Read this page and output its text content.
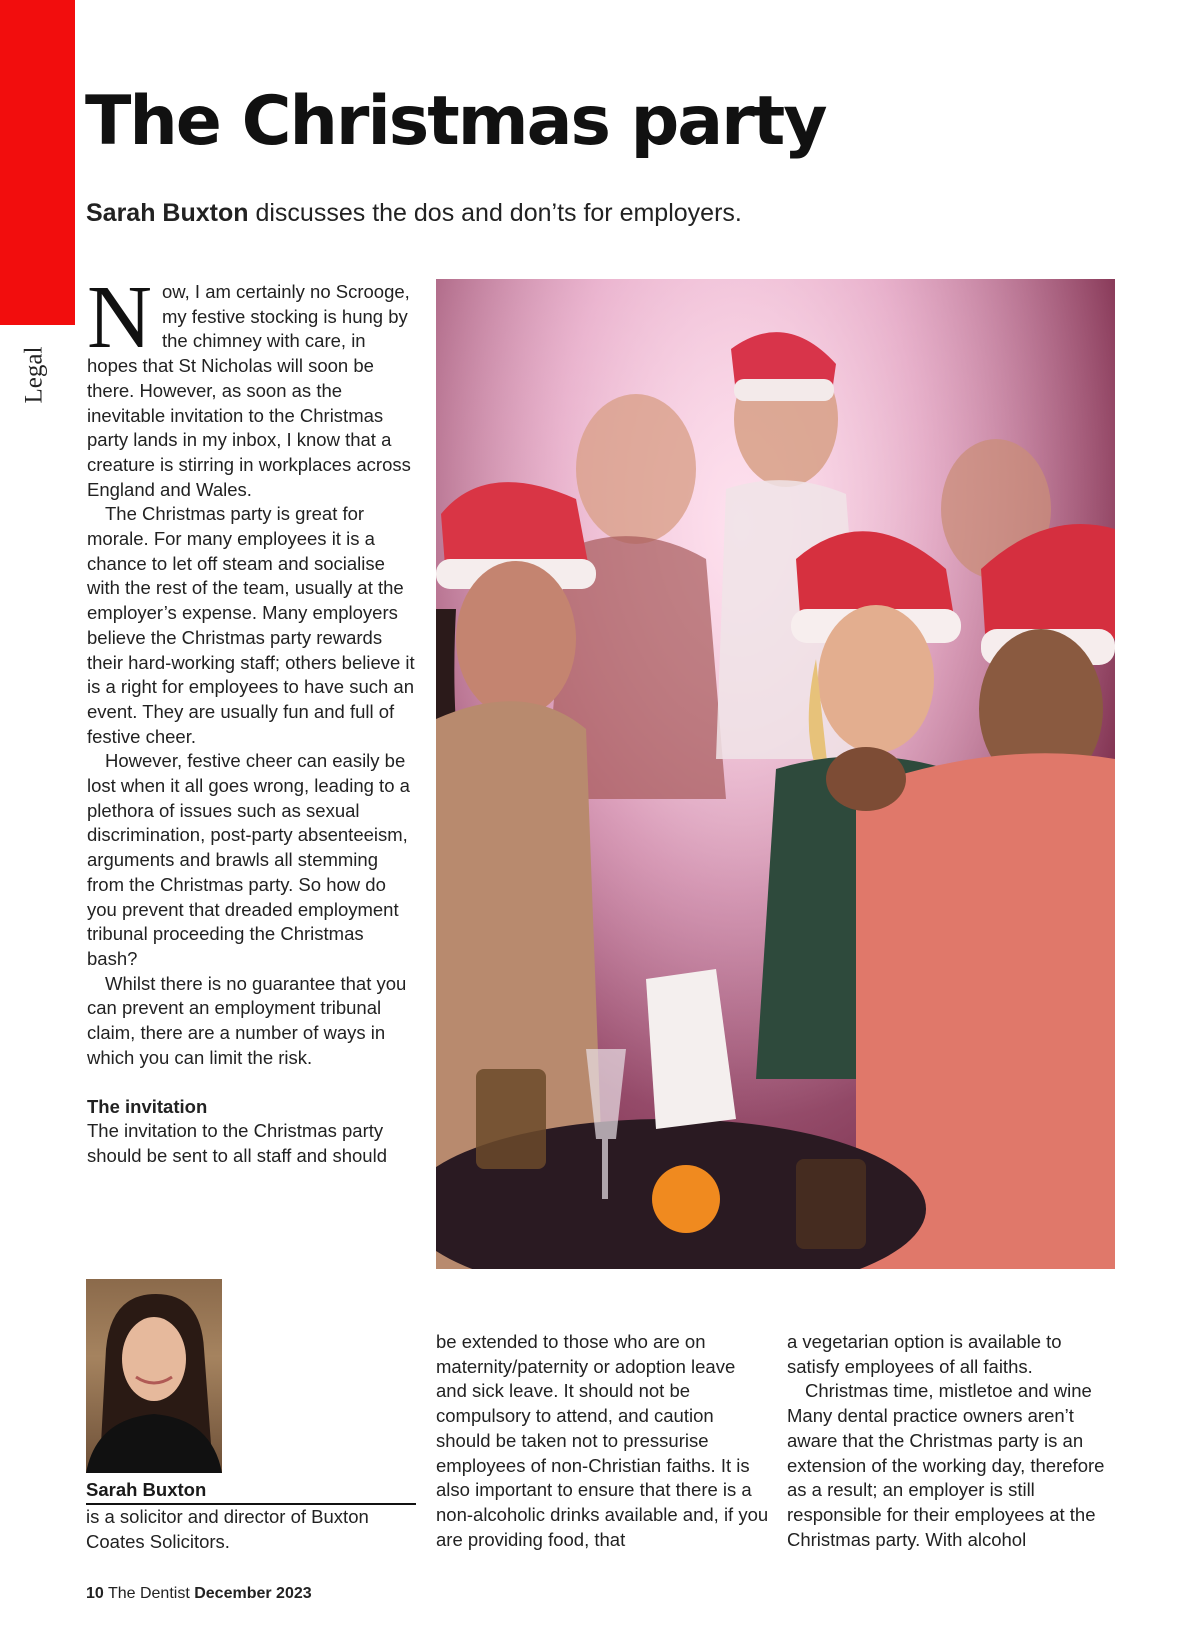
Legal
The Christmas party

Sarah Buxton discusses the dos and don’ts for employers.

Now, I am certainly no Scrooge, my festive stocking is hung by the chimney with care, in hopes that St Nicholas will soon be there. However, as soon as the inevitable invitation to the Christmas party lands in my inbox, I know that a creature is stirring in workplaces across England and Wales.

The Christmas party is great for morale. For many employees it is a chance to let off steam and socialise with the rest of the team, usually at the employer’s expense. Many employers believe the Christmas party rewards their hard-working staff; others believe it is a right for employees to have such an event. They are usually fun and full of festive cheer.

However, festive cheer can easily be lost when it all goes wrong, leading to a plethora of issues such as sexual discrimination, post-party absenteeism, arguments and brawls all stemming from the Christmas party. So how do you prevent that dreaded employment tribunal proceeding the Christmas bash?

Whilst there is no guarantee that you can prevent an employment tribunal claim, there are a number of ways in which you can limit the risk.

The invitation

The invitation to the Christmas party should be sent to all staff and should

Sarah Buxton

is a solicitor and director of Buxton Coates Solicitors.

be extended to those who are on maternity/paternity or adoption leave and sick leave. It should not be compulsory to attend, and caution should be taken not to pressurise employees of non-Christian faiths. It is also important to ensure that there is a non-alcoholic drinks available and, if you are providing food, that

a vegetarian option is available to satisfy employees of all faiths.

Christmas time, mistletoe and wine

Many dental practice owners aren’t aware that the Christmas party is an extension of the working day, therefore as a result; an employer is still responsible for their employees at the Christmas party. With alcohol

10 The Dentist December 2023
